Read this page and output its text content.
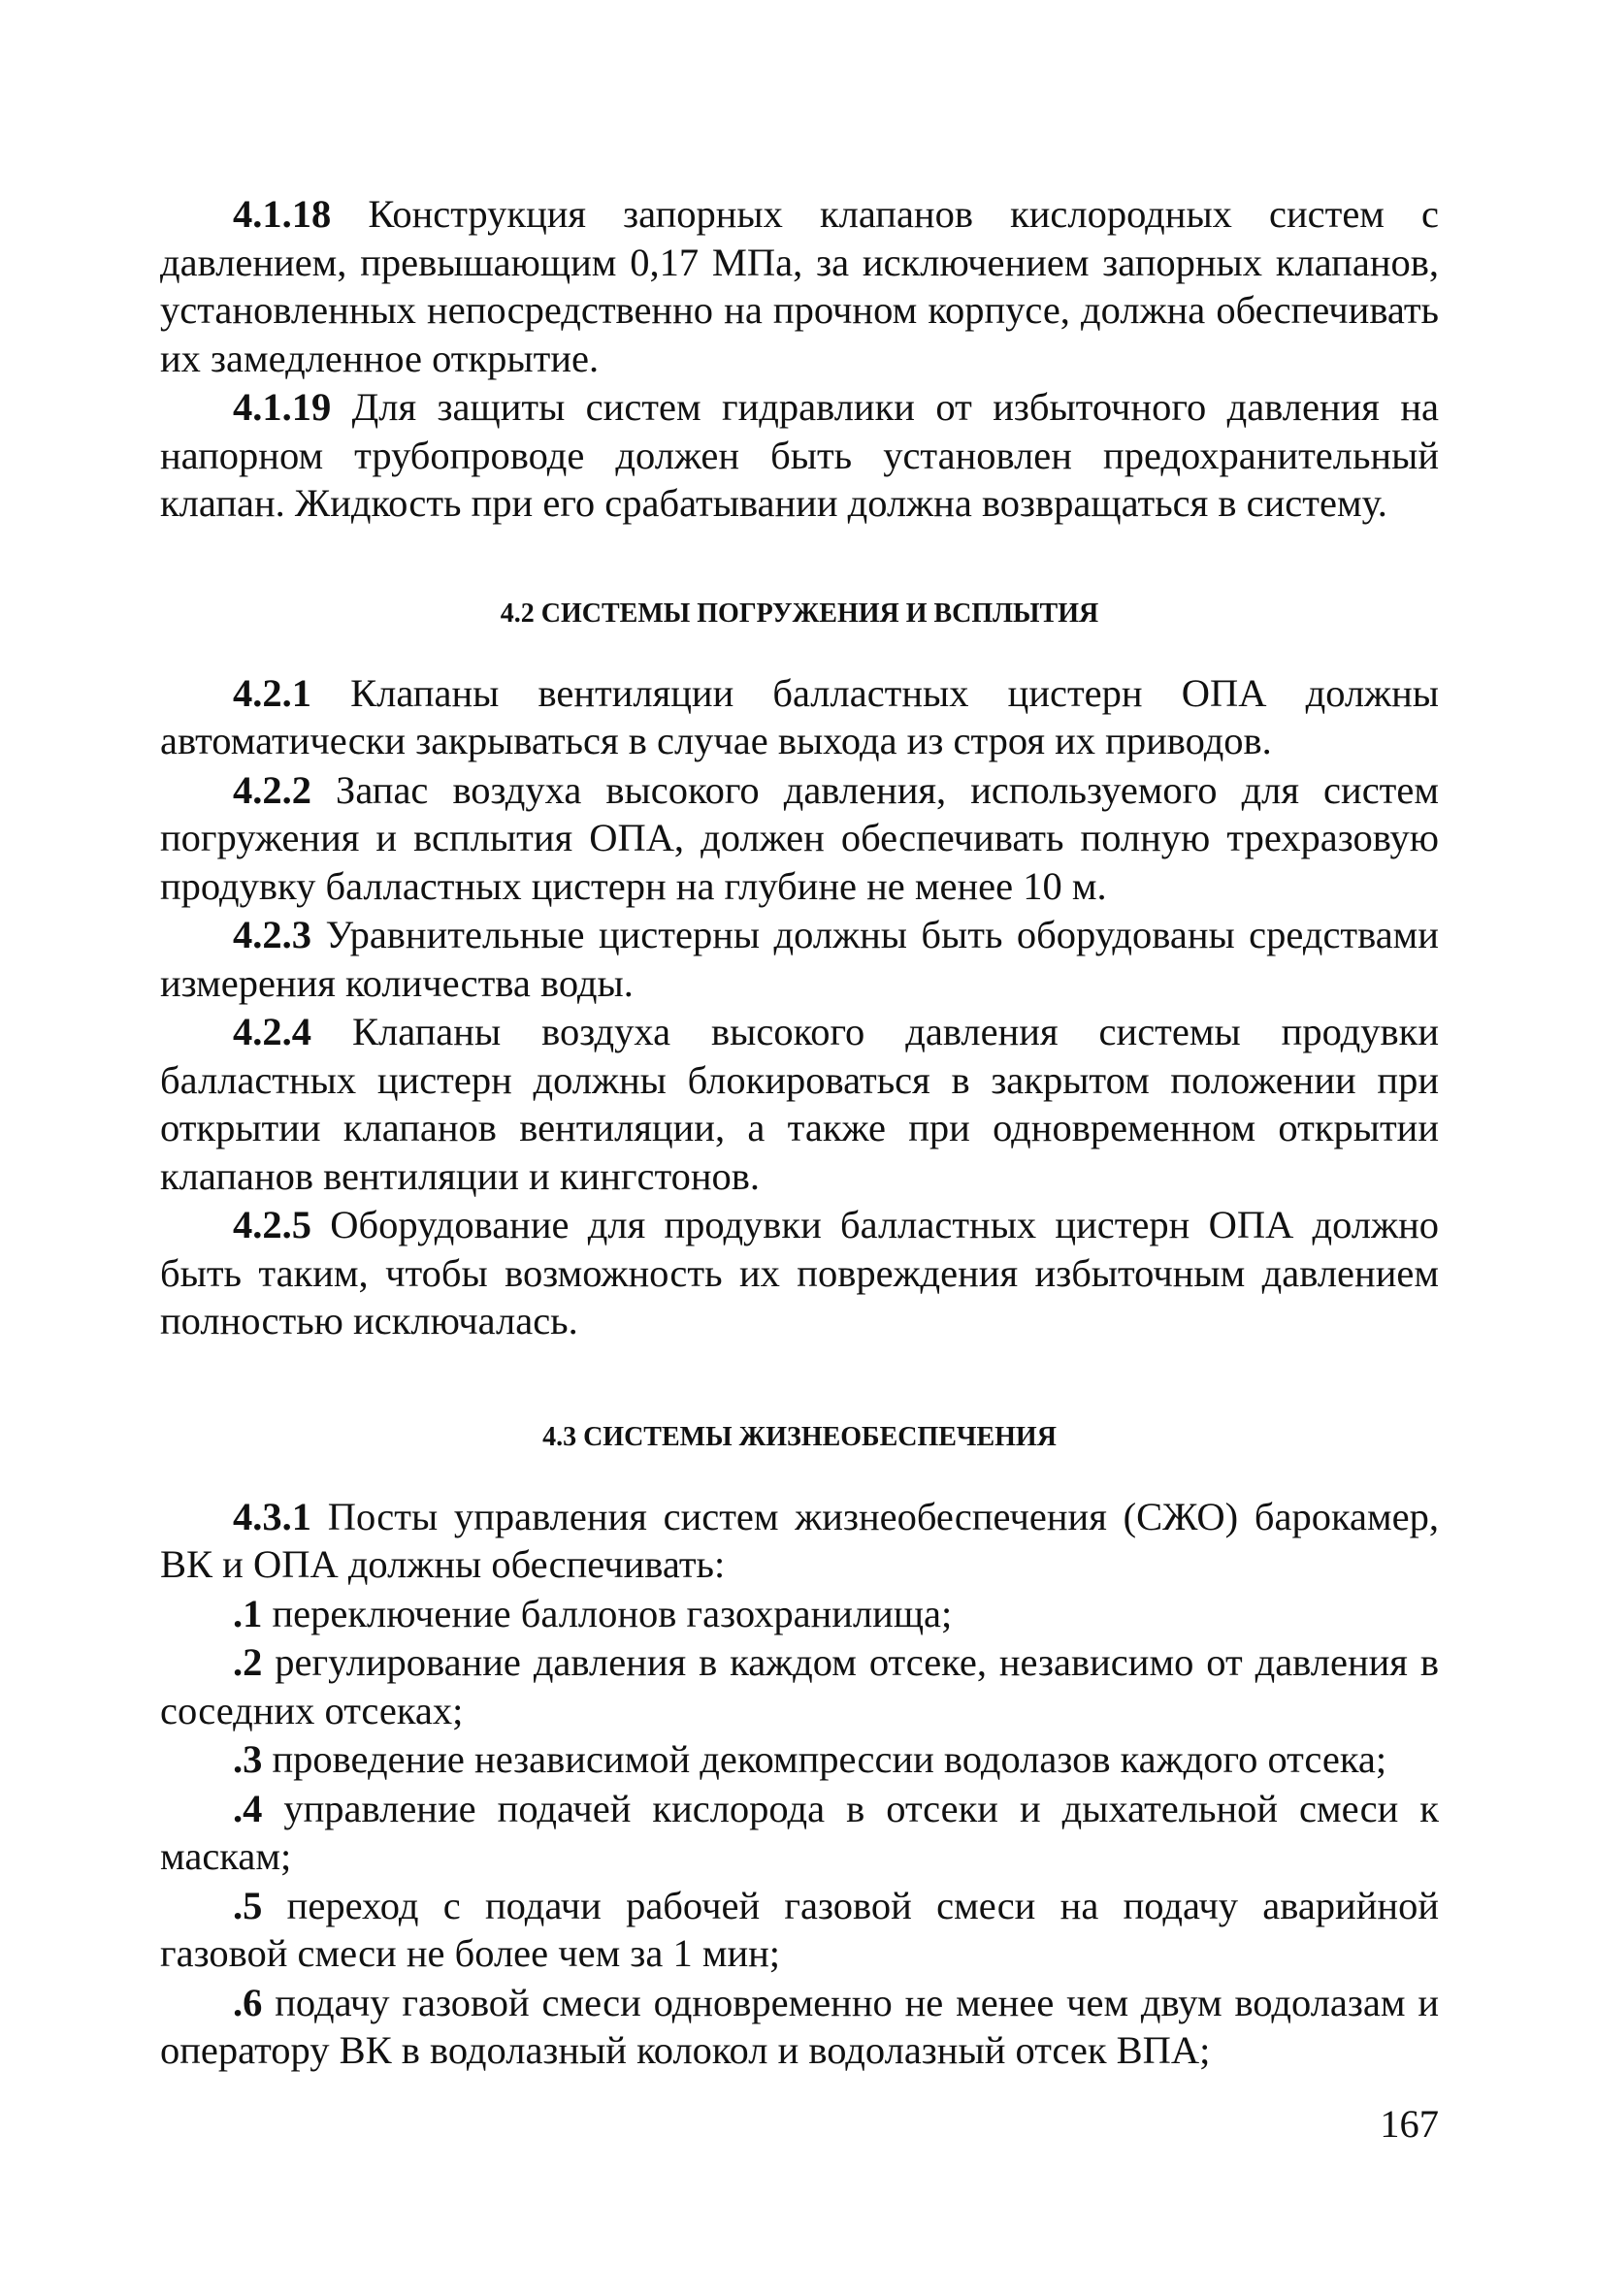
4.1.18 Конструкция запорных клапанов кислородных систем с давлением, превышающим 0,17 МПа, за исключением запорных клапанов, установленных непосредственно на прочном корпусе, должна обеспечивать их замедленное открытие.

4.1.19 Для защиты систем гидравлики от избыточного давления на напорном трубопроводе должен быть установлен предохранительный клапан. Жидкость при его срабатывании должна возвращаться в систему.

4.2 СИСТЕМЫ ПОГРУЖЕНИЯ И ВСПЛЫТИЯ

4.2.1 Клапаны вентиляции балластных цистерн ОПА должны автоматически закрываться в случае выхода из строя их приводов.

4.2.2 Запас воздуха высокого давления, используемого для систем погружения и всплытия ОПА, должен обеспечивать полную трехразовую продувку балластных цистерн на глубине не менее 10 м.

4.2.3 Уравнительные цистерны должны быть оборудованы средствами измерения количества воды.

4.2.4 Клапаны воздуха высокого давления системы продувки балластных цистерн должны блокироваться в закрытом положении при открытии клапанов вентиляции, а также при одновременном открытии клапанов вентиляции и кингстонов.

4.2.5 Оборудование для продувки балластных цистерн ОПА должно быть таким, чтобы возможность их повреждения избыточным давлением полностью исключалась.

4.3 СИСТЕМЫ ЖИЗНЕОБЕСПЕЧЕНИЯ

4.3.1 Посты управления систем жизнеобеспечения (СЖО) барокамер, ВК и ОПА должны обеспечивать:

.1 переключение баллонов газохранилища;

.2 регулирование давления в каждом отсеке, независимо от давления в соседних отсеках;

.3 проведение независимой декомпрессии водолазов каждого отсека;

.4 управление подачей кислорода в отсеки и дыхательной смеси к маскам;

.5 переход с подачи рабочей газовой смеси на подачу аварийной газовой смеси не более чем за 1 мин;

.6 подачу газовой смеси одновременно не менее чем двум водолазам и оператору ВК в водолазный колокол и водолазный отсек ВПА;

167
